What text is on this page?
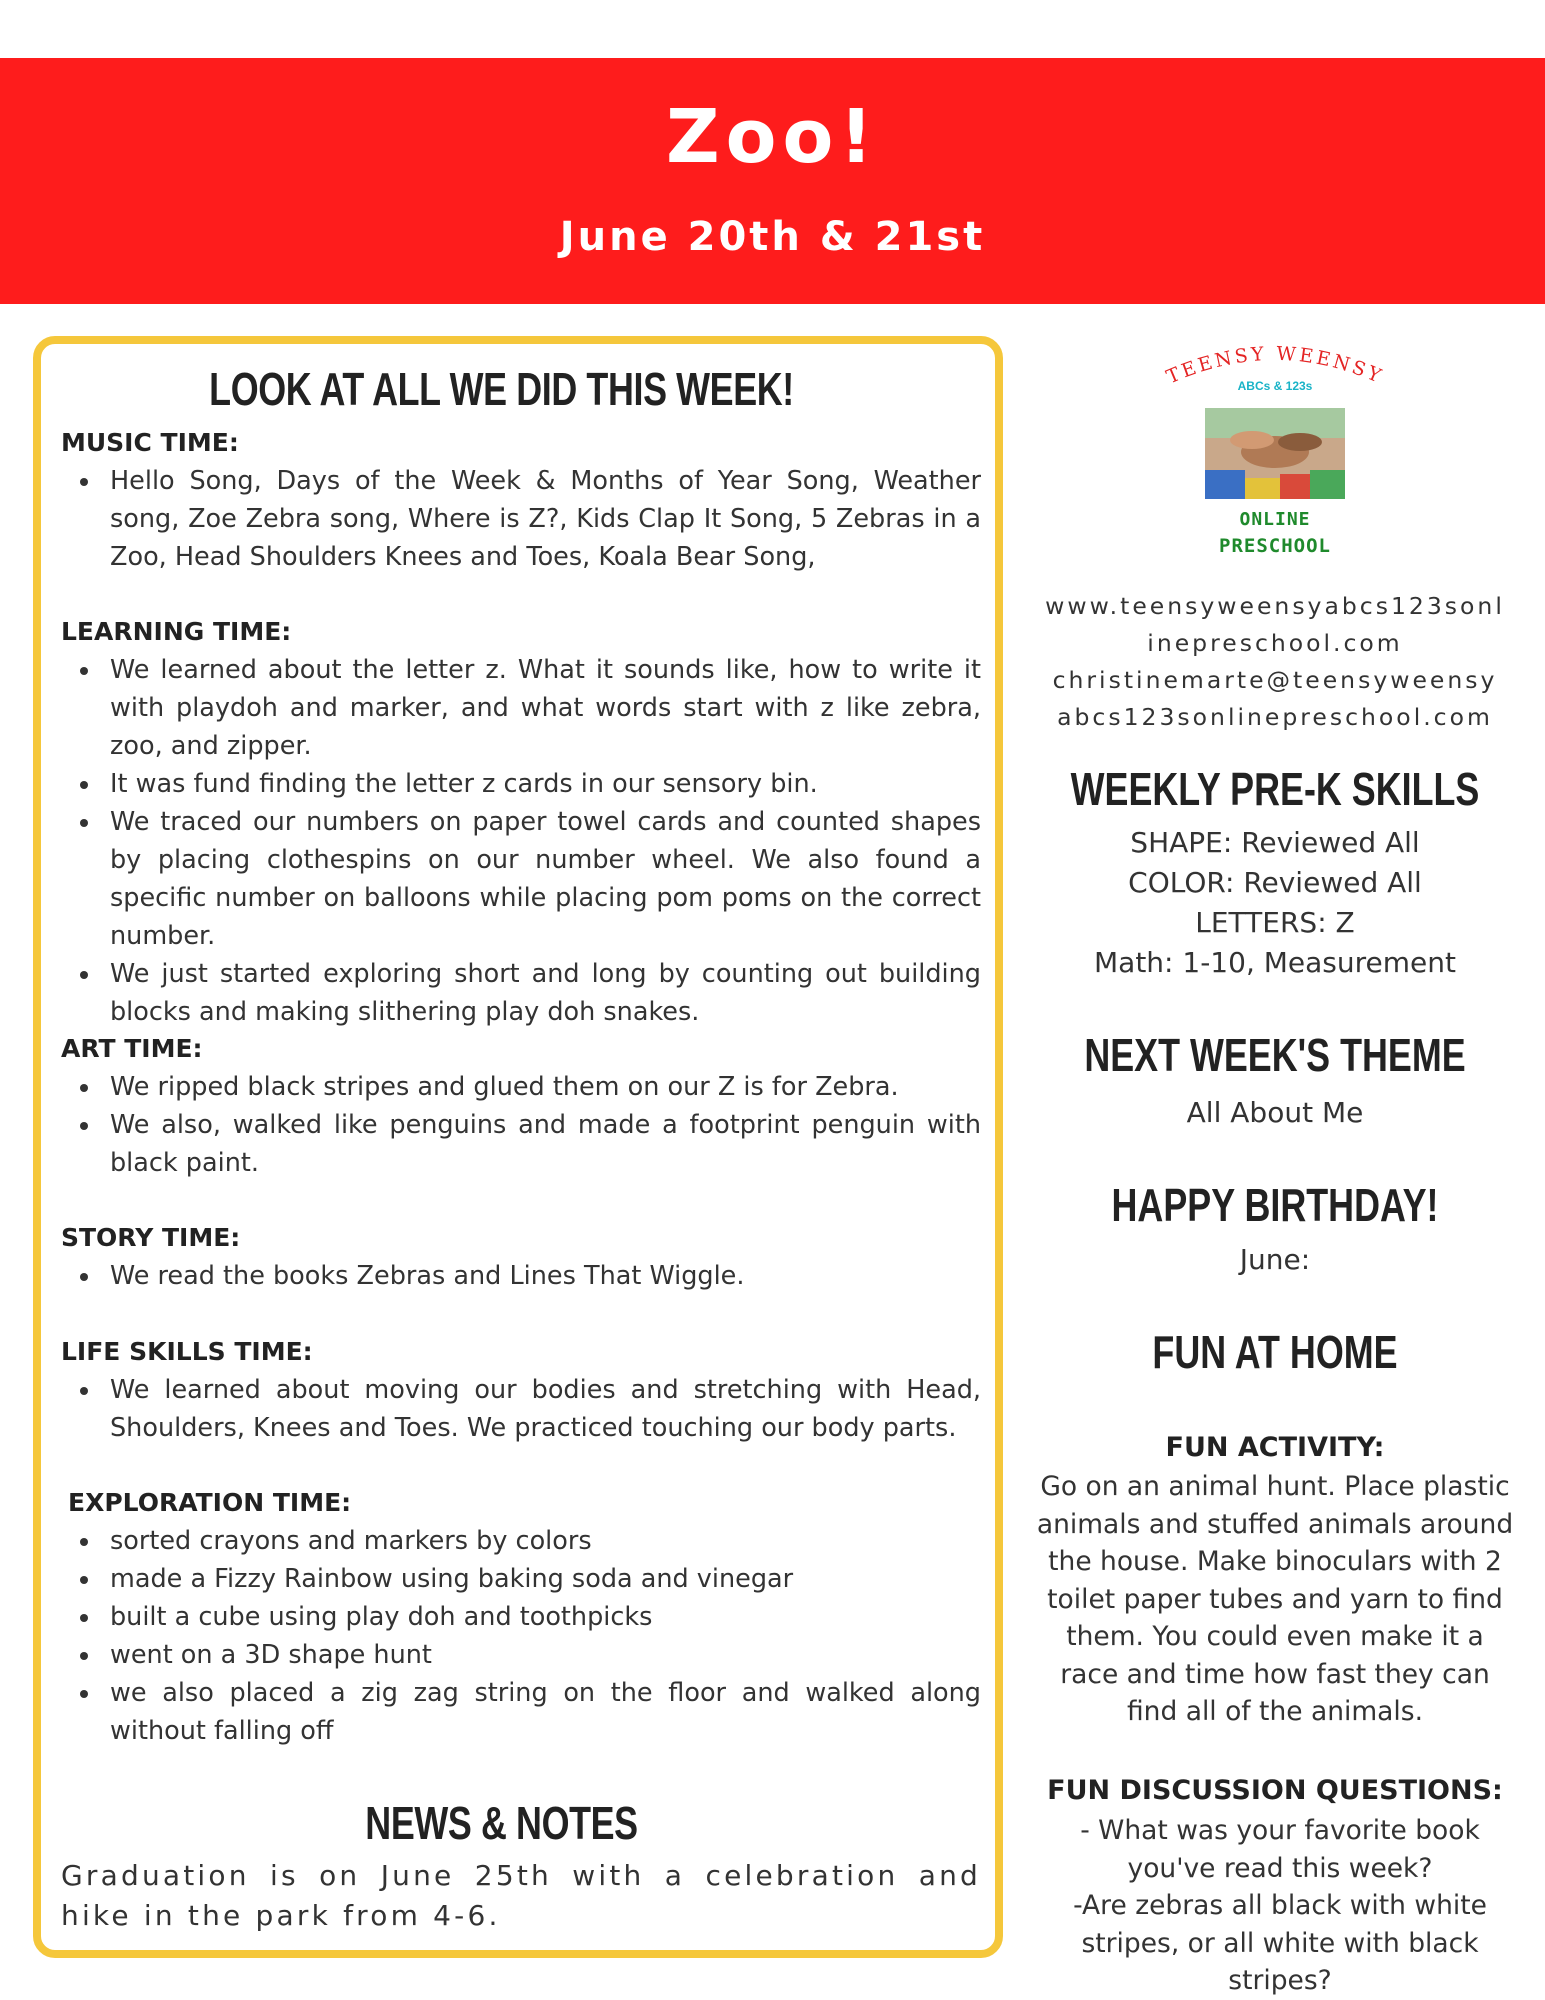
Zoo!
June 20th & 21st
LOOK AT ALL WE DID THIS WEEK!
MUSIC TIME:
Hello Song, Days of the Week & Months of Year Song, Weather song, Zoe Zebra song, Where is Z?, Kids Clap It Song, 5 Zebras in a Zoo, Head Shoulders Knees and Toes, Koala Bear Song,
LEARNING TIME:
We learned about the letter z. What it sounds like, how to write it with playdoh and marker, and what words start with z like zebra, zoo, and zipper.
It was fund finding the letter z cards in our sensory bin.
We traced our numbers on paper towel cards and counted shapes by placing clothespins on our number wheel. We also found a specific number on balloons while placing pom poms on the correct number.
We just started exploring short and long by counting out building blocks and making slithering play doh snakes.
ART TIME:
We ripped black stripes and glued them on our Z is for Zebra.
We also, walked like penguins and made a footprint penguin with black paint.
STORY TIME:
We read the books Zebras and Lines That Wiggle.
LIFE SKILLS TIME:
We learned about moving our bodies and stretching with Head, Shoulders, Knees and Toes. We practiced touching our body parts.
EXPLORATION TIME:
sorted crayons and markers by colors
made a Fizzy Rainbow using baking soda and vinegar
built a cube using play doh and toothpicks
went on a 3D shape hunt
we also placed a zig zag string on the floor and walked along without falling off
NEWS & NOTES
Graduation is on June 25th with a celebration and hike in the park from 4-6.
TEENSY WEENSY
ABCs & 123s
ONLINE
PRESCHOOL
www.teensyweensyabcs123sonlinepreschool.com
christinemarte@teensyweensyabcs123sonlinepreschool.com
WEEKLY PRE-K SKILLS
SHAPE: Reviewed All
COLOR: Reviewed All
LETTERS: Z
Math: 1-10, Measurement
NEXT WEEK'S THEME
All About Me
HAPPY BIRTHDAY!
June:
FUN AT HOME
FUN ACTIVITY:
Go on an animal hunt. Place plastic animals and stuffed animals around the house. Make binoculars with 2 toilet paper tubes and yarn to find them. You could even make it a race and time how fast they can find all of the animals.
FUN DISCUSSION QUESTIONS:
- What was your favorite book you've read this week?
-Are zebras all black with white stripes, or all white with black stripes?
